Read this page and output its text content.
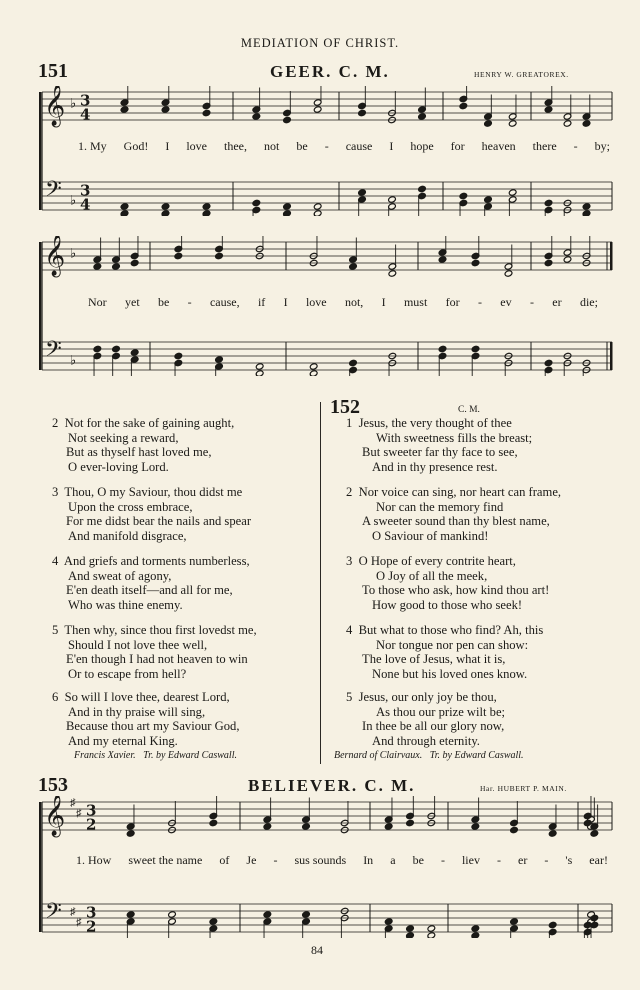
MEDIATION OF CHRIST.
151	GEER. C. M.	HENRY W. GREATOREX.
𝄞
𝄢
♭
♭
3
4
3
4
1. My God! I love thee, not be - cause I hope for heaven there - by;
𝄞
𝄢
♭
♭
Nor yet be - cause, if I love not, I must for - ev - er die;
2 Not for the sake of gaining aught,
Not seeking a reward,
But as thyself hast loved me,
O ever-loving Lord.
3 Thou, O my Saviour, thou didst me
Upon the cross embrace,
For me didst bear the nails and spear
And manifold disgrace,
4 And griefs and torments numberless,
And sweat of agony,
E'en death itself—and all for me,
Who was thine enemy.
5 Then why, since thou first lovedst me,
Should I not love thee well,
E'en though I had not heaven to win
Or to escape from hell?
6 So will I love thee, dearest Lord,
And in thy praise will sing,
Because thou art my Saviour God,
And my eternal King.
Francis Xavier. Tr. by Edward Caswall.
152	C. M.
1 Jesus, the very thought of thee
With sweetness fills the breast;
But sweeter far thy face to see,
And in thy presence rest.
2 Nor voice can sing, nor heart can frame,
Nor can the memory find
A sweeter sound than thy blest name,
O Saviour of mankind!
3 O Hope of every contrite heart,
O Joy of all the meek,
To those who ask, how kind thou art!
How good to those who seek!
4 But what to those who find? Ah, this
Nor tongue nor pen can show:
The love of Jesus, what it is,
None but his loved ones know.
5 Jesus, our only joy be thou,
As thou our prize wilt be;
In thee be all our glory now,
And through eternity.
Bernard of Clairvaux. Tr. by Edward Caswall.
153	BELIEVER. C. M.	Har. HUBERT P. MAIN.
𝄞
𝄢
♯
♯
♯
♯
3
2
3
2
1. How sweet the name of Je - sus sounds In a be - liev - er - 's ear!
84
